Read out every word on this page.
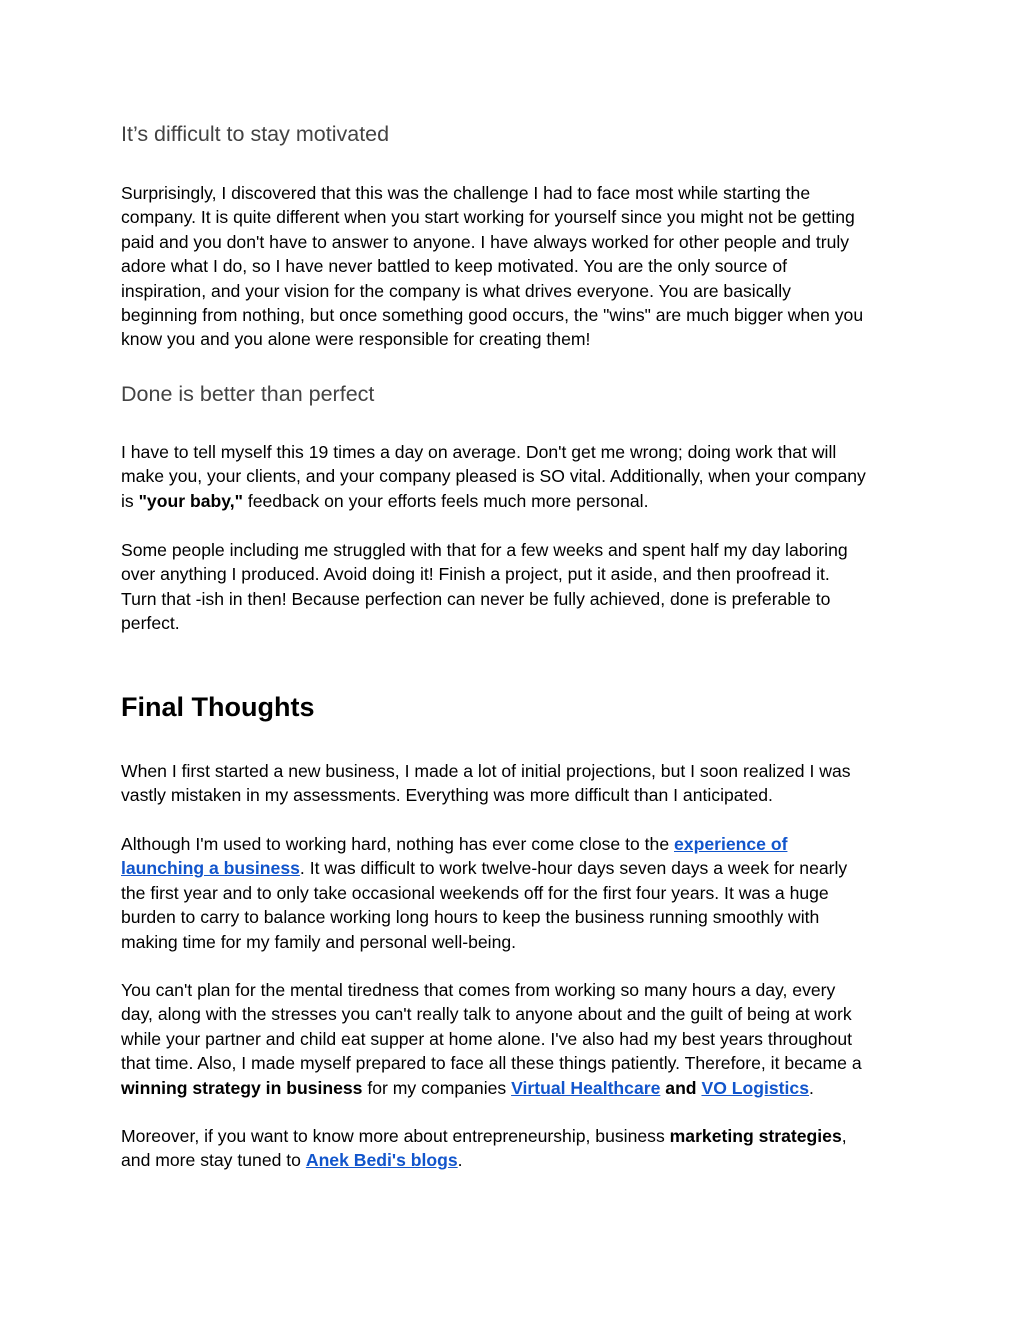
It’s difficult to stay motivated
Surprisingly, I discovered that this was the challenge I had to face most while starting the
company. It is quite different when you start working for yourself since you might not be getting
paid and you don't have to answer to anyone. I have always worked for other people and truly
adore what I do, so I have never battled to keep motivated. You are the only source of
inspiration, and your vision for the company is what drives everyone. You are basically
beginning from nothing, but once something good occurs, the "wins" are much bigger when you
know you and you alone were responsible for creating them!
Done is better than perfect
I have to tell myself this 19 times a day on average. Don't get me wrong; doing work that will
make you, your clients, and your company pleased is SO vital. Additionally, when your company
is "your baby," feedback on your efforts feels much more personal.
Some people including me struggled with that for a few weeks and spent half my day laboring
over anything I produced. Avoid doing it! Finish a project, put it aside, and then proofread it.
Turn that -ish in then! Because perfection can never be fully achieved, done is preferable to
perfect.
Final Thoughts
When I first started a new business, I made a lot of initial projections, but I soon realized I was
vastly mistaken in my assessments. Everything was more difficult than I anticipated.
Although I'm used to working hard, nothing has ever come close to the experience of
launching a business. It was difficult to work twelve-hour days seven days a week for nearly
the first year and to only take occasional weekends off for the first four years. It was a huge
burden to carry to balance working long hours to keep the business running smoothly with
making time for my family and personal well-being.
You can't plan for the mental tiredness that comes from working so many hours a day, every
day, along with the stresses you can't really talk to anyone about and the guilt of being at work
while your partner and child eat supper at home alone. I've also had my best years throughout
that time. Also, I made myself prepared to face all these things patiently. Therefore, it became a
winning strategy in business for my companies Virtual Healthcare and VO Logistics.
Moreover, if you want to know more about entrepreneurship, business marketing strategies,
and more stay tuned to Anek Bedi's blogs.
